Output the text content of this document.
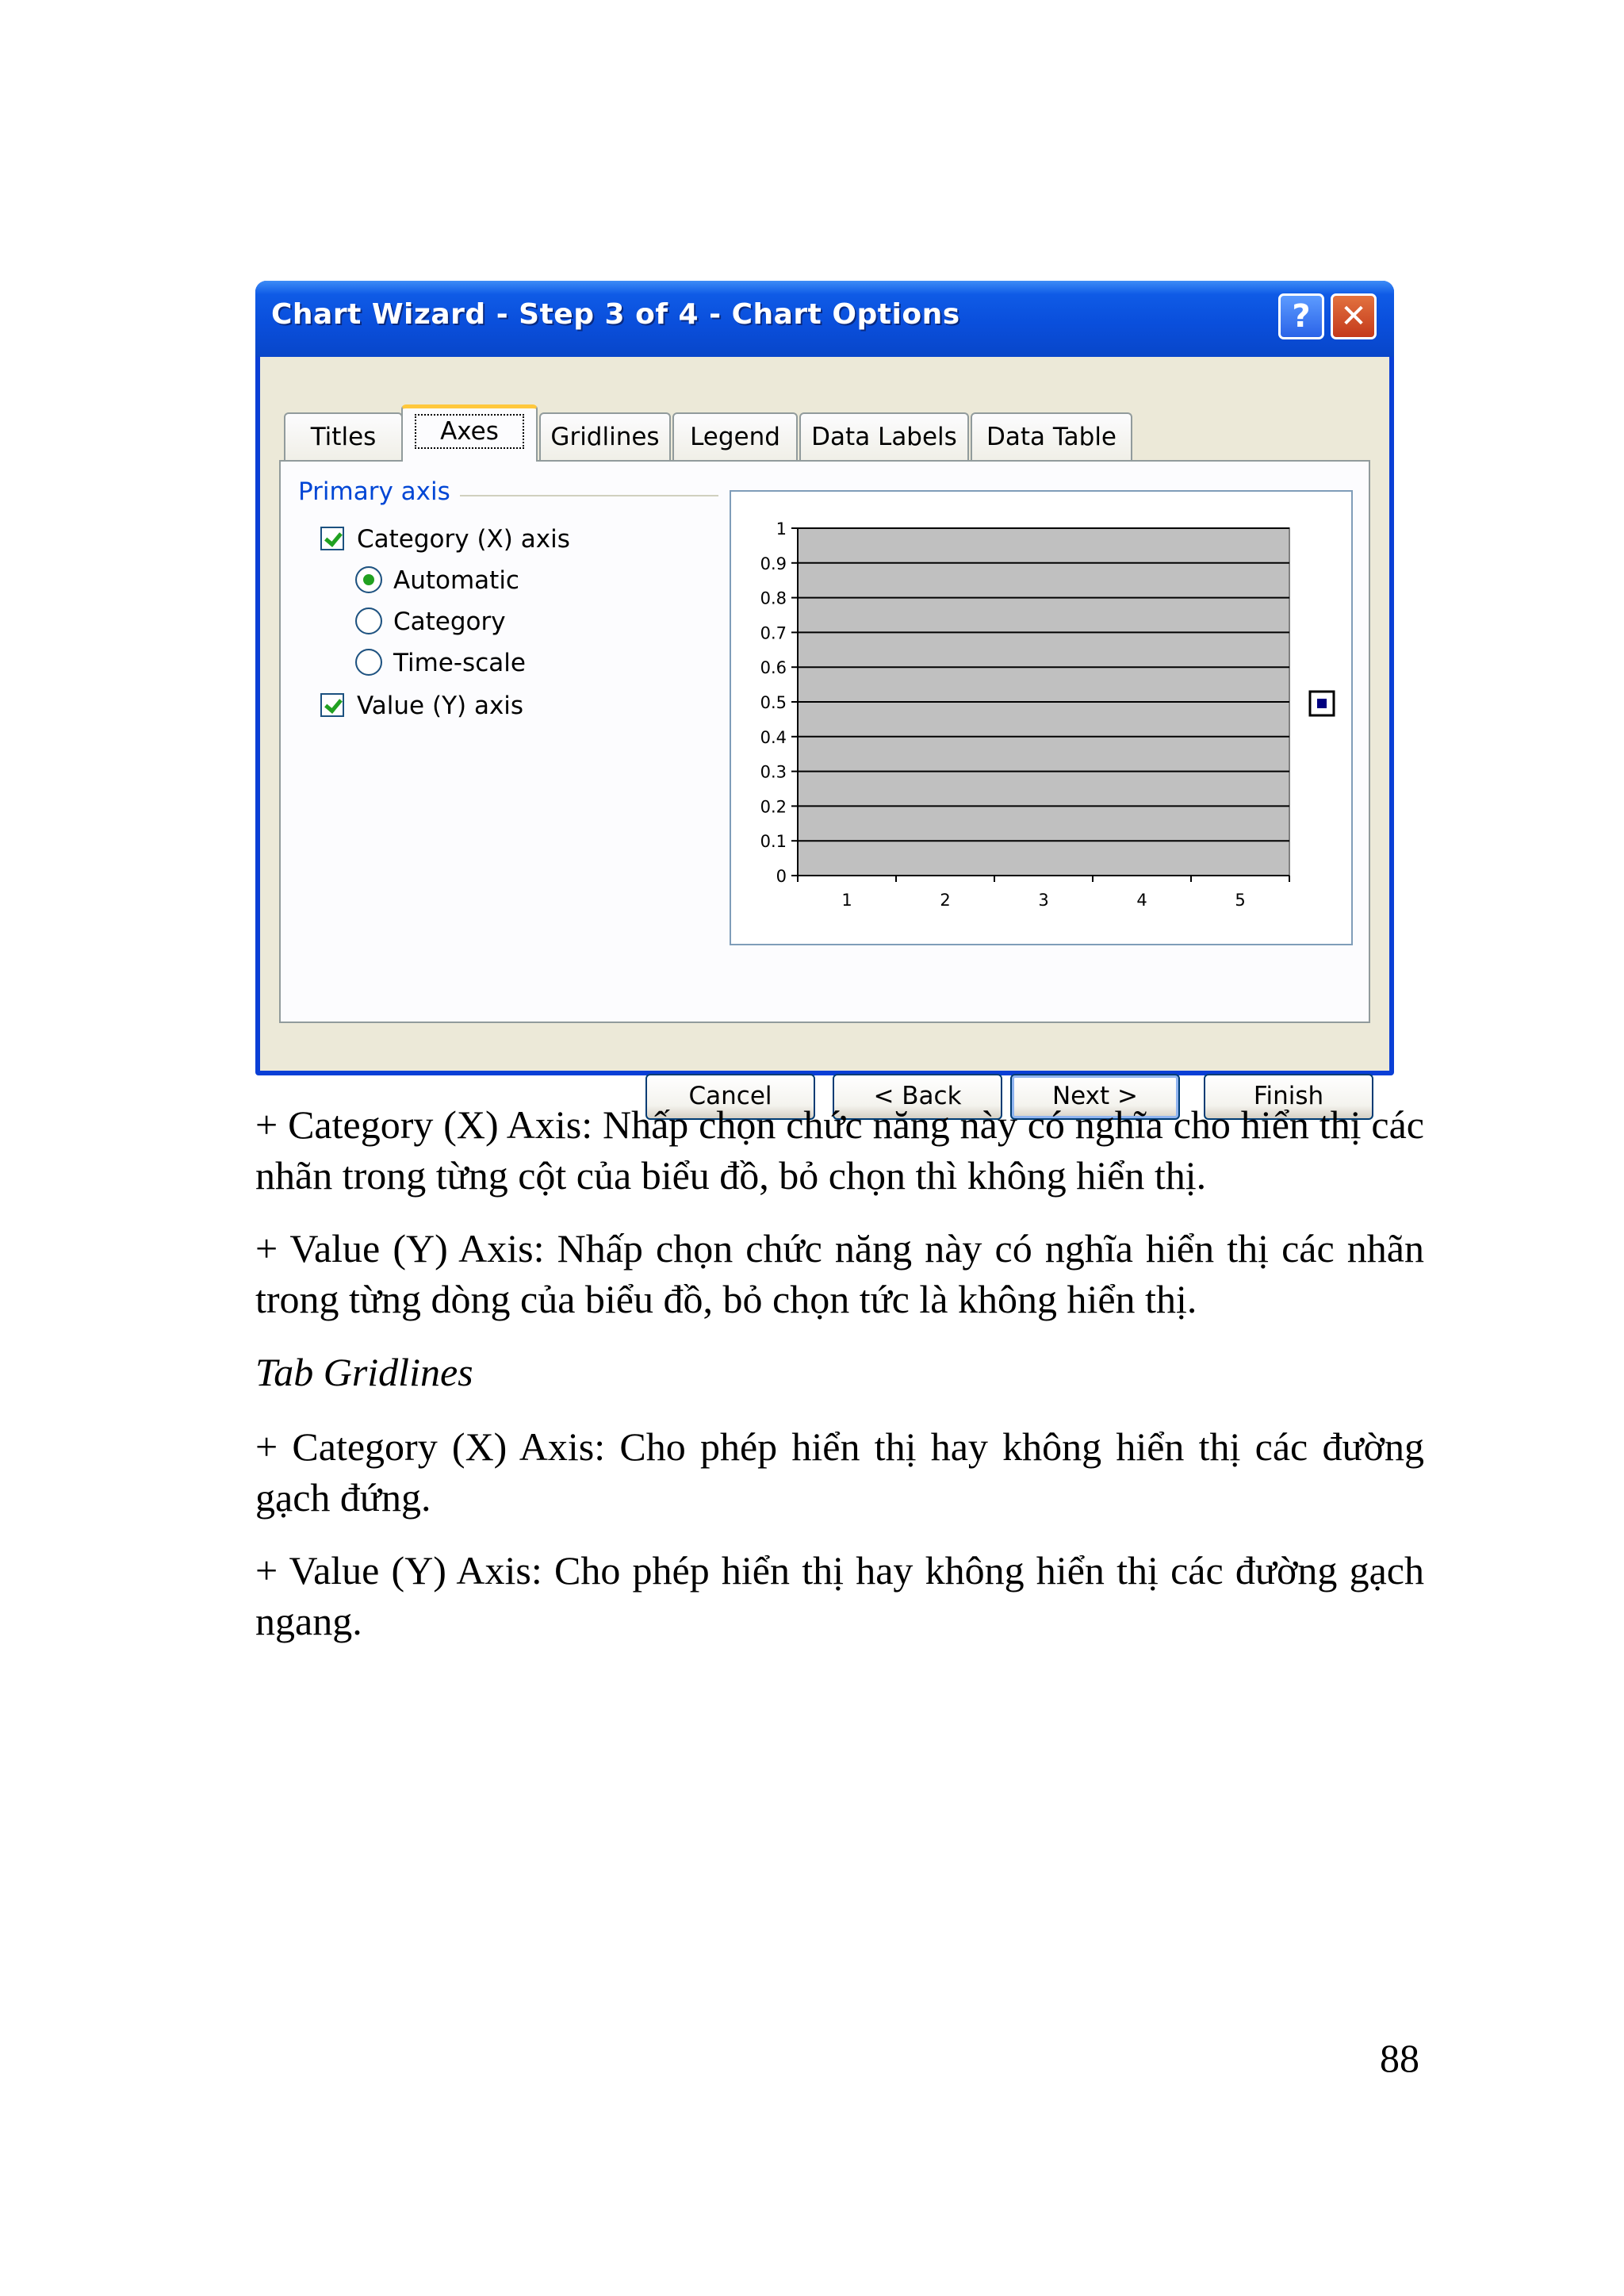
Chart Wizard - Step 3 of 4 - Chart Options	? ✕
Titles	Axes	Gridlines	Legend	Data Labels	Data Table
Primary axis
Category (X) axis
Automatic
Category
Time-scale
Value (Y) axis
0
0.1
0.2
0.3
0.4
0.5
0.6
0.7
0.8
0.9
1
1	2	3	4	5
Cancel	< Back	Next >	Finish
+ Category (X) Axis: Nhấp chọn chức năng này có nghĩa cho hiển thị các nhãn trong từng cột của biểu đồ, bỏ chọn thì không hiển thị.
+ Value (Y) Axis: Nhấp chọn chức năng này có nghĩa hiển thị các nhãn trong từng dòng của biểu đồ, bỏ chọn tức là không hiển thị.
Tab Gridlines
+ Category (X) Axis: Cho phép hiển thị hay không hiển thị các đường gạch đứng.
+ Value (Y) Axis: Cho phép hiển thị hay không hiển thị các đường gạch ngang.
88
